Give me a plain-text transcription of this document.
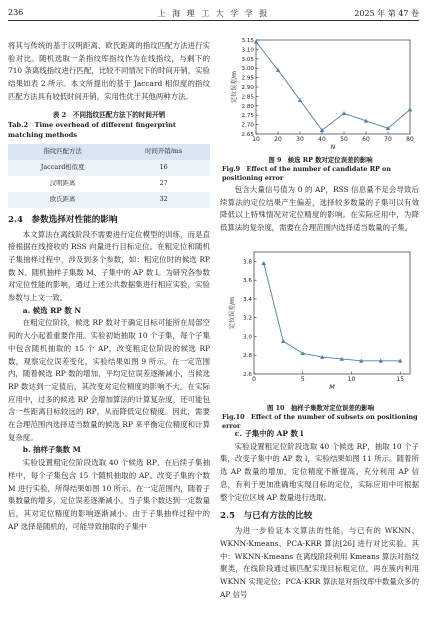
236	上 海 理 工 大 学 学 报	2025 年 第 47 卷

将其与传统的基于汉明距离、欧氏距离的指纹匹配方法进行实验对比。随机选取一条指纹库指纹作为在线指纹，与剩下的 710 条离线指纹进行匹配，比较不同情况下的时间开销，实验结果如表 2 所示。本文所提出的基于 Jaccard 相似度的指纹匹配方法具有较低时间开销，实用性优于其他两种方法。

表 2　不同指纹匹配方法下的时间开销
Tab.2　Time overhead of different fingerprint matching methods
指纹匹配方法	时间开销/ms
Jaccard相似度	16
汉明距离	27
欧氏距离	32
2.4　参数选择对性能的影响

本文算法在离线阶段不需要进行定位模型的训练，而是直接根据在线接收的 RSS 向量进行目标定位。在粗定位和随机子集抽样过程中，涉及到多个参数，如：粗定位时的候选 RP 数 N、随机抽样子集数 M、子集中的 AP 数 l。为研究各参数对定位性能的影响，通过上述公共数据集进行相应实验，实验参数与上文一致。

a. 候选 RP 数 N

在粗定位阶段，候选 RP 数对于确定目标可能所在局部空间的大小起着重要作用。实验初始抽取 10 个子集，每个子集中包含随机抽取的 15 个 AP，改变粗定位阶段的候选 RP 数，观察定位误差变化，实验结果如图 9 所示。在一定范围内，随着候选 RP 数的增加，平均定位误差逐渐减小，当候选 RP 数达到一定值后，其改变对定位精度的影响不大。在实际应用中，过多的候选 RP 会增加算法的计算复杂度，还可能包含一些距离目标较远的 RP，从而降低定位精度。因此，需要在合理范围内选择适当数量的候选 RP 来平衡定位精度和计算复杂度。

b. 抽样子集数 M

实验设置粗定位阶段选取 40 个候选 RP，在后续子集抽样中，每个子集包含 15 个随机抽取的 AP。改变子集的个数 M 进行实验，所得结果如图 10 所示。在一定范围内，随着子集数量的增多，定位误差逐渐减小。当子集个数达到一定数量后，其对定位精度的影响逐渐减小。由于子集抽样过程中的 AP 选择是随机的，可能导致抽取的子集中

10 20 30 40 50 60 70 80
2.65
2.70
2.75
2.80
2.85
2.90
2.95
3.00
3.05
3.10
3.15
N
定位误差/m
图 9　候选 RP 数对定位误差的影响
Fig.9　Effect of the number of candidate RP on positioning error

包含大量信号值为 0 的 AP，RSS 信息量不足会导致后续算法的定位结果产生偏差，选择较多数量的子集可以有效降低以上特殊情况对定位精度的影响。在实际应用中，为降低算法的复杂度，需要在合理范围内选择适当数量的子集。

0	5	10	15
2.6
2.8
3.0
3.2
3.4
3.6
3.8
M
定位误差/m
图 10　抽样子集数对定位误差的影响
Fig.10　Effect of the number of subsets on positioning error

c. 子集中的 AP 数 l

实验设置粗定位阶段选取 40 个候选 RP，抽取 10 个子集，改变子集中的 AP 数 l，实验结果如图 11 所示。随着所选 AP 数量的增加，定位精度不断提高。充分利用 AP 信息，有利于更加准确地实现目标的定位，实际应用中可根据整个定位区域 AP 数量进行选取。

2.5　与已有方法的比较

为进一步验证本文算法的性能，与已有的 WKNN、WKNN-Kmeans、PCA-KRR 算法[26] 进行对比实验。其中：WKNN-Kmeans 在离线阶段利用 Kmeans 算法对指纹聚类，在线阶段通过簇匹配实现目标粗定位，再在簇内利用 WKNN 实现定位；PCA-KRR 算法是对指纹库中数量众多的 AP 信号
